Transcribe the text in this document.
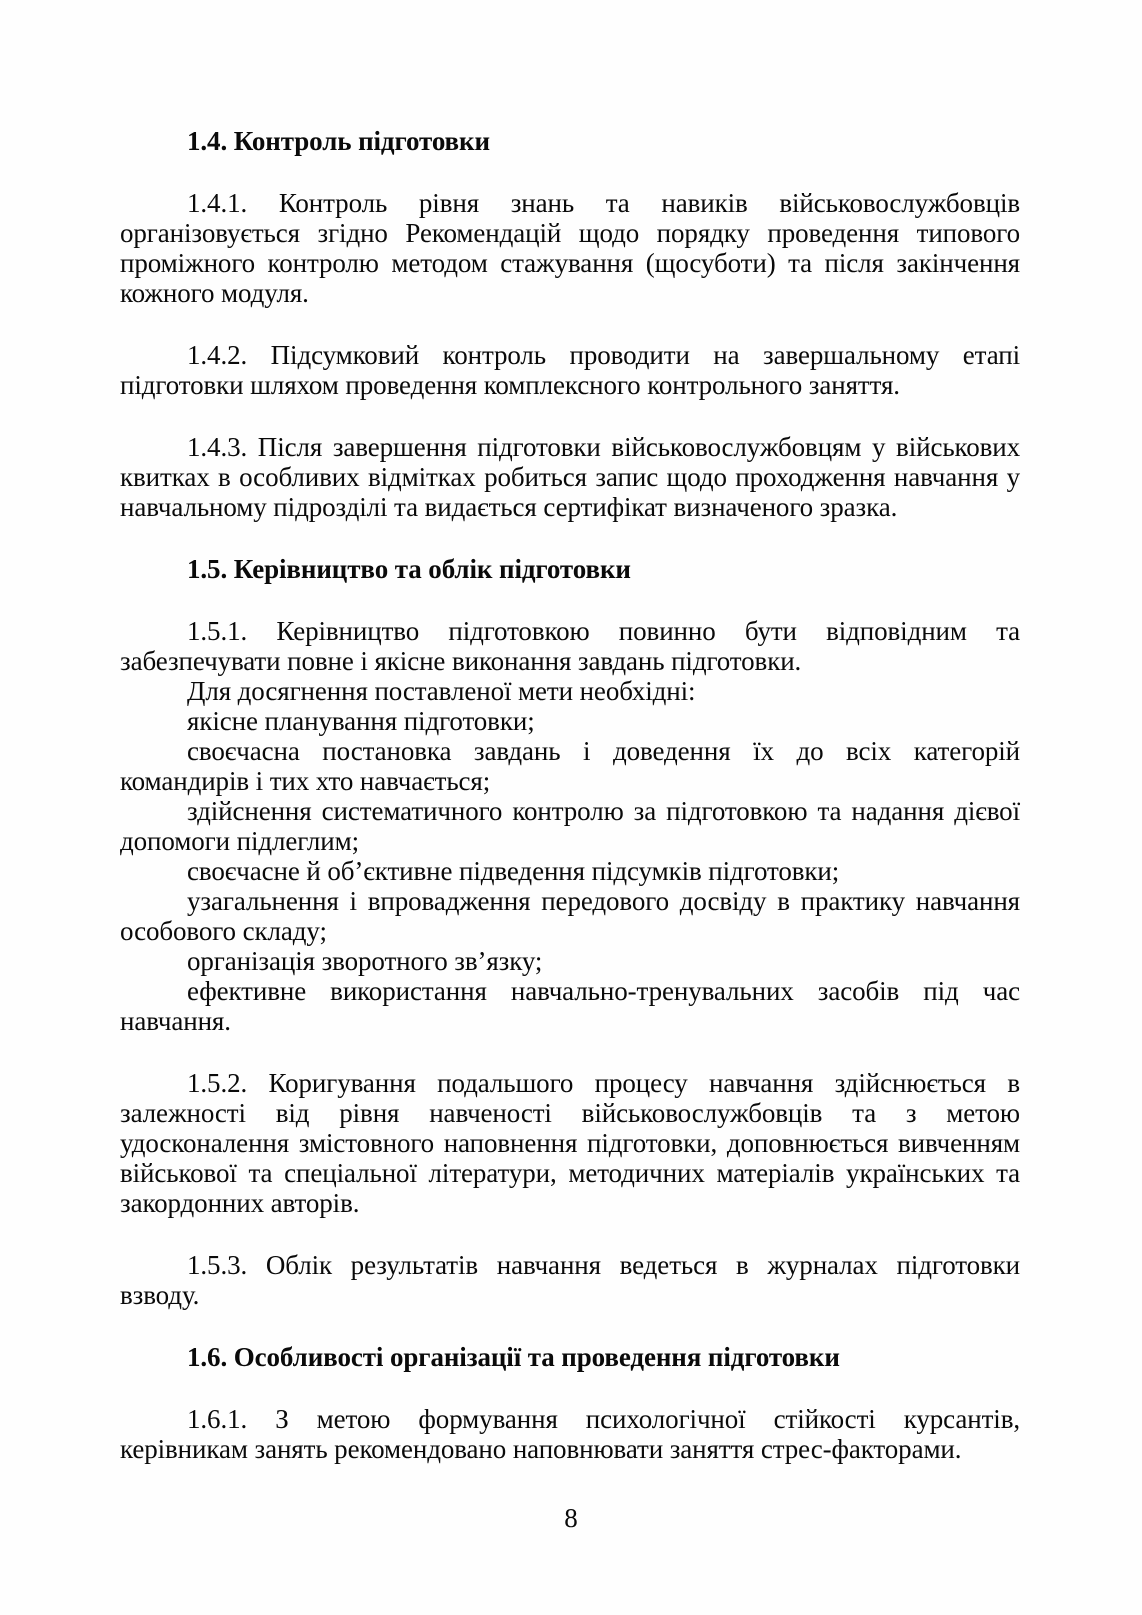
1.4. Контроль підготовки

1.4.1. Контроль рівня знань та навиків військовослужбовців організовується згідно Рекомендацій щодо порядку проведення типового проміжного контролю методом стажування (щосуботи) та після закінчення кожного модуля.

1.4.2. Підсумковий контроль проводити на завершальному етапі підготовки шляхом проведення комплексного контрольного заняття.

1.4.3. Після завершення підготовки військовослужбовцям у військових квитках в особливих відмітках робиться запис щодо проходження навчання у навчальному підрозділі та видається сертифікат визначеного зразка.

1.5. Керівництво та облік підготовки

1.5.1. Керівництво підготовкою повинно бути відповідним та забезпечувати повне і якісне виконання завдань підготовки.

Для досягнення поставленої мети необхідні:

якісне планування підготовки;

своєчасна постановка завдань і доведення їх до всіх категорій командирів і тих хто навчається;

здійснення систематичного контролю за підготовкою та надання дієвої допомоги підлеглим;

своєчасне й об’єктивне підведення підсумків підготовки;

узагальнення і впровадження передового досвіду в практику навчання особового складу;

організація зворотного зв’язку;

ефективне використання навчально-тренувальних засобів під час навчання.

1.5.2. Коригування подальшого процесу навчання здійснюється в залежності від рівня навченості військовослужбовців та з метою удосконалення змістовного наповнення підготовки, доповнюється вивченням військової та спеціальної літератури, методичних матеріалів українських та закордонних авторів.

1.5.3. Облік результатів навчання ведеться в журналах підготовки взводу.

1.6. Особливості організації та проведення підготовки

1.6.1. З метою формування психологічної стійкості курсантів, керівникам занять рекомендовано наповнювати заняття стрес-факторами.

8
